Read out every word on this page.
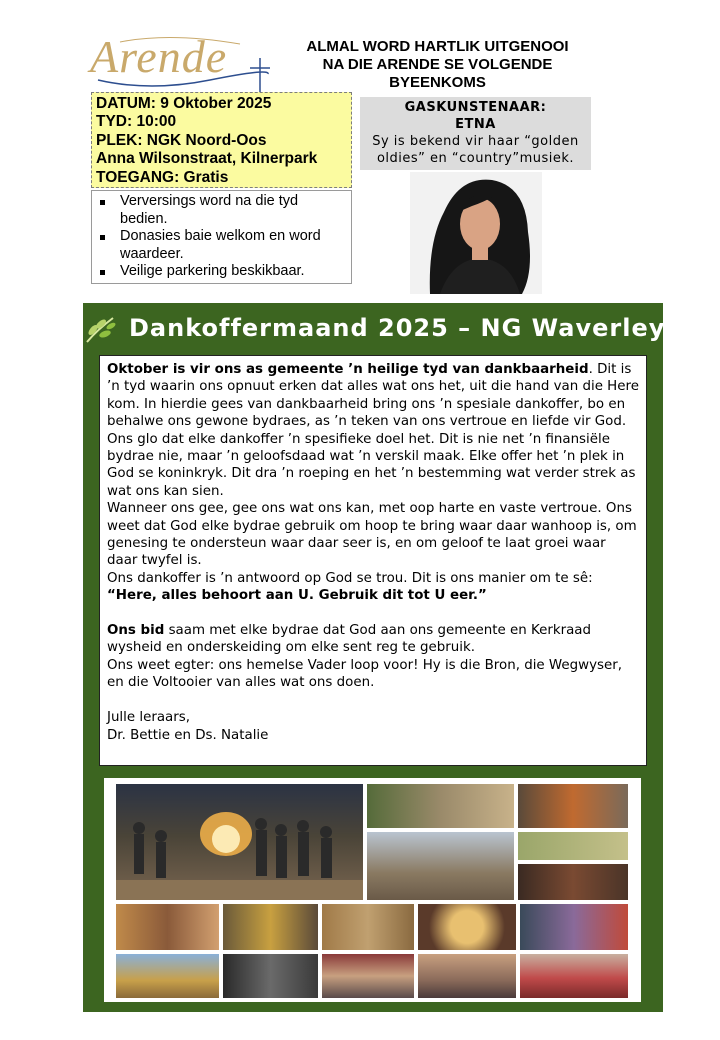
Arende	ALMAL WORD HARTLIK UITGENOOI
NA DIE ARENDE SE VOLGENDE
BYEENKOMS
DATUM: 9 Oktober 2025
TYD: 10:00
PLEK: NGK Noord-Oos
Anna Wilsonstraat, Kilnerpark
TOEGANG: Gratis
Verversings word na die tyd bedien.
Donasies baie welkom en word waardeer.
Veilige parkering beskikbaar.
GASKUNSTENAAR:
ETNA
Sy is bekend vir haar “golden oldies” en “country”musiek.
Dankoffermaand 2025 – NG Waverley

Oktober is vir ons as gemeente ’n heilige tyd van dankbaarheid. Dit is ’n tyd waarin ons opnuut erken dat alles wat ons het, uit die hand van die Here kom. In hierdie gees van dankbaarheid bring ons ’n spesiale dankoffer, bo en behalwe ons gewone bydraes, as ’n teken van ons vertroue en liefde vir God. Ons glo dat elke dankoffer ’n spesifieke doel het. Dit is nie net ’n finansiële bydrae nie, maar ’n geloofsdaad wat ’n verskil maak. Elke offer het ’n plek in God se koninkryk. Dit dra ’n roeping en het ’n bestemming wat verder strek as wat ons kan sien.

Wanneer ons gee, gee ons wat ons kan, met oop harte en vaste vertroue. Ons weet dat God elke bydrae gebruik om hoop te bring waar daar wanhoop is, om genesing te ondersteun waar daar seer is, en om geloof te laat groei waar daar twyfel is.

Ons dankoffer is ’n antwoord op God se trou. Dit is ons manier om te sê:

“Here, alles behoort aan U. Gebruik dit tot U eer.”

Ons bid saam met elke bydrae dat God aan ons gemeente en Kerkraad wysheid en onderskeiding om elke sent reg te gebruik.

Ons weet egter: ons hemelse Vader loop voor! Hy is die Bron, die Wegwyser, en die Voltooier van alles wat ons doen.

Julle leraars,

Dr. Bettie en Ds. Natalie
